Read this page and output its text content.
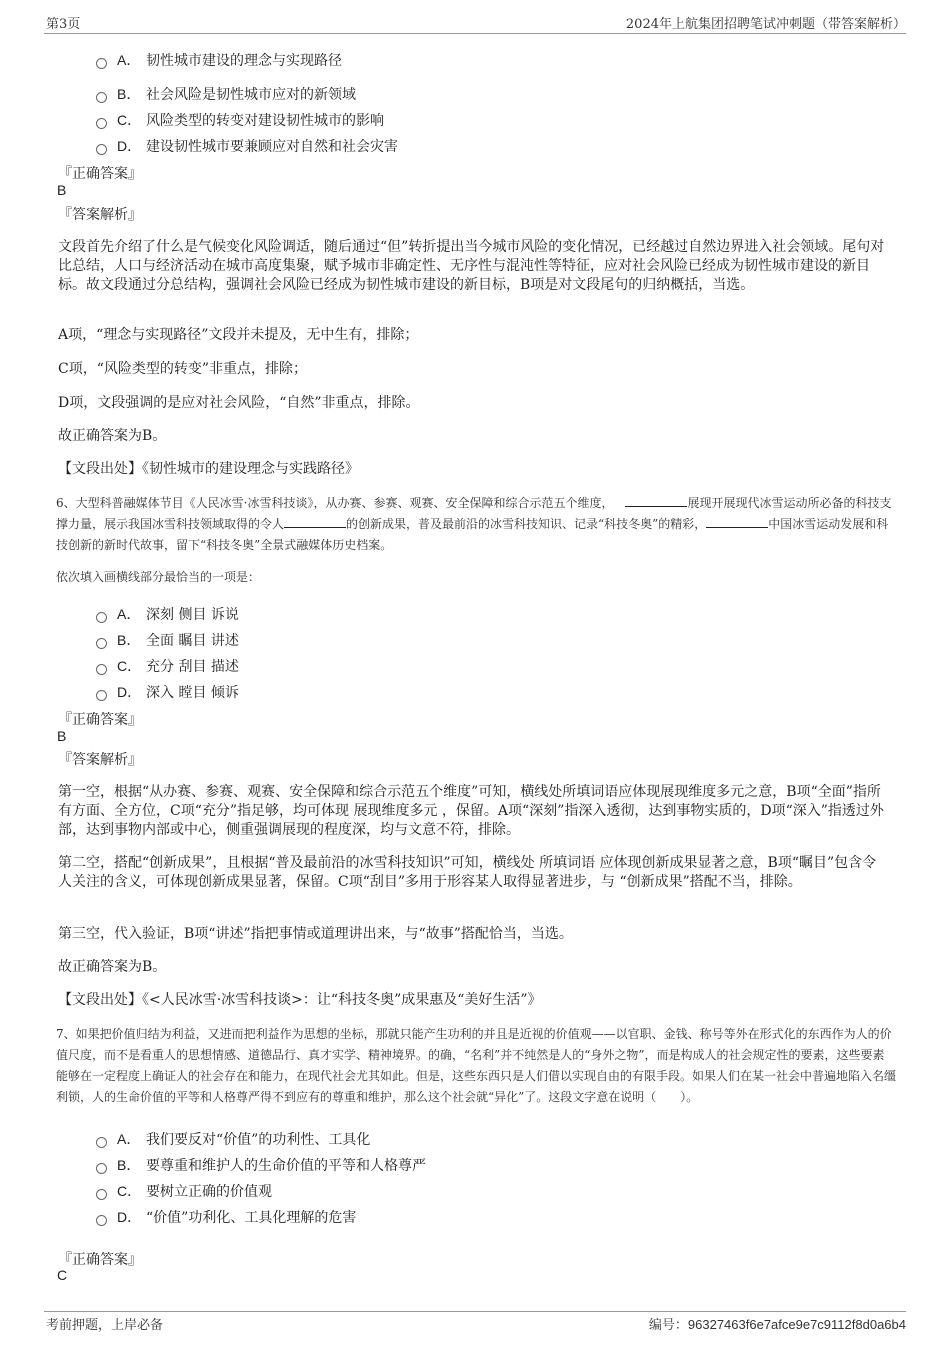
第3页	2024年上航集团招聘笔试冲刺题（带答案解析）
A． 韧性城市建设的理念与实现路径
B． 社会风险是韧性城市应对的新领域
C． 风险类型的转变对建设韧性城市的影响
D． 建设韧性城市要兼顾应对自然和社会灾害
『正确答案』
B
『答案解析』
文段首先介绍了什么是气候变化风险调适，随后通过“但”转折提出当今城市风险的变化情况，已经越过自然边界进入社会领域。尾句对比总结，人口与经济活动在城市高度集聚，赋予城市非确定性、无序性与混沌性等特征，应对社会风险已经成为韧性城市建设的新目标。故文段通过分总结构，强调社会风险已经成为韧性城市建设的新目标，B项是对文段尾句的归纳概括，当选。
A项，“理念与实现路径”文段并未提及，无中生有，排除；
C项，“风险类型的转变”非重点，排除；
D项，文段强调的是应对社会风险，“自然”非重点，排除。
故正确答案为B。
【文段出处】《韧性城市的建设理念与实践路径》
6、大型科普融媒体节目《人民冰雪·冰雪科技谈》，从办赛、参赛、观赛、安全保障和综合示范五个维度，	展现开展现代冰雪运动所必备的科技支撑力量，展示我国冰雪科技领域取得的令人	的创新成果，普及最前沿的冰雪科技知识、记录“科技冬奥”的精彩，	中国冰雪运动发展和科技创新的新时代故事，留下“科技冬奥”全景式融媒体历史档案。
依次填入画横线部分最恰当的一项是：
A． 深刻 侧目 诉说
B． 全面 瞩目 讲述
C． 充分 刮目 描述
D． 深入 瞠目 倾诉
『正确答案』
B
『答案解析』
第一空，根据“从办赛、参赛、观赛、安全保障和综合示范五个维度”可知，横线处所填词语应体现展现维度多元之意，B项“全面”指所有方面、全方位，C项“充分”指足够，均可体现 展现维度多元 ，保留。A项“深刻”指深入透彻，达到事物实质的，D项“深入”指透过外部，达到事物内部或中心，侧重强调展现的程度深，均与文意不符，排除。
第二空，搭配“创新成果”，且根据“普及最前沿的冰雪科技知识”可知，横线处 所填词语 应体现创新成果显著之意，B项“瞩目”包含令人关注的含义，可体现创新成果显著，保留。C项“刮目”多用于形容某人取得显著进步，与 “创新成果”搭配不当，排除。
第三空，代入验证，B项“讲述”指把事情或道理讲出来，与“故事”搭配恰当，当选。
故正确答案为B。
【文段出处】《<人民冰雪·冰雪科技谈>：让“科技冬奥”成果惠及“美好生活”》
7、如果把价值归结为利益，又进而把利益作为思想的坐标，那就只能产生功利的并且是近视的价值观——以官职、金钱、称号等外在形式化的东西作为人的价值尺度，而不是看重人的思想情感、道德品行、真才实学、精神境界。的确，“名利”并不纯然是人的“身外之物”，而是构成人的社会规定性的要素，这些要素能够在一定程度上确证人的社会存在和能力，在现代社会尤其如此。但是，这些东西只是人们借以实现自由的有限手段。如果人们在某一社会中普遍地陷入名缰利锁，人的生命价值的平等和人格尊严得不到应有的尊重和维护，那么这个社会就“异化”了。这段文字意在说明（　　）。
A． 我们要反对“价值”的功利性、工具化
B． 要尊重和维护人的生命价值的平等和人格尊严
C． 要树立正确的价值观
D． “价值”功利化、工具化理解的危害
『正确答案』
C
考前押题，上岸必备	编号：96327463f6e7afce9e7c9112f8d0a6b4
